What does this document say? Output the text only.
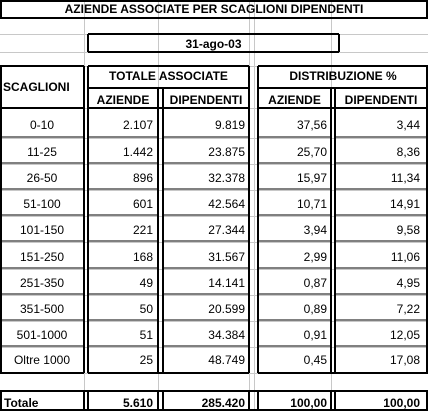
AZIENDE ASSOCIATE PER SCAGLIONI DIPENDENTI
31-ago-03
SCAGLIONI
TOTALE ASSOCIATE	DISTRIBUZIONE %
AZIENDE	DIPENDENTI	AZIENDE	DIPENDENTI
0-10	2.107	9.819	37,56	3,44
11-25	1.442	23.875	25,70	8,36
26-50	896	32.378	15,97	11,34
51-100	601	42.564	10,71	14,91
101-150	221	27.344	3,94	9,58
151-250	168	31.567	2,99	11,06
251-350	49	14.141	0,87	4,95
351-500	50	20.599	0,89	7,22
501-1000	51	34.384	0,91	12,05
Oltre 1000	25	48.749	0,45	17,08
Totale	5.610	285.420	100,00	100,00
